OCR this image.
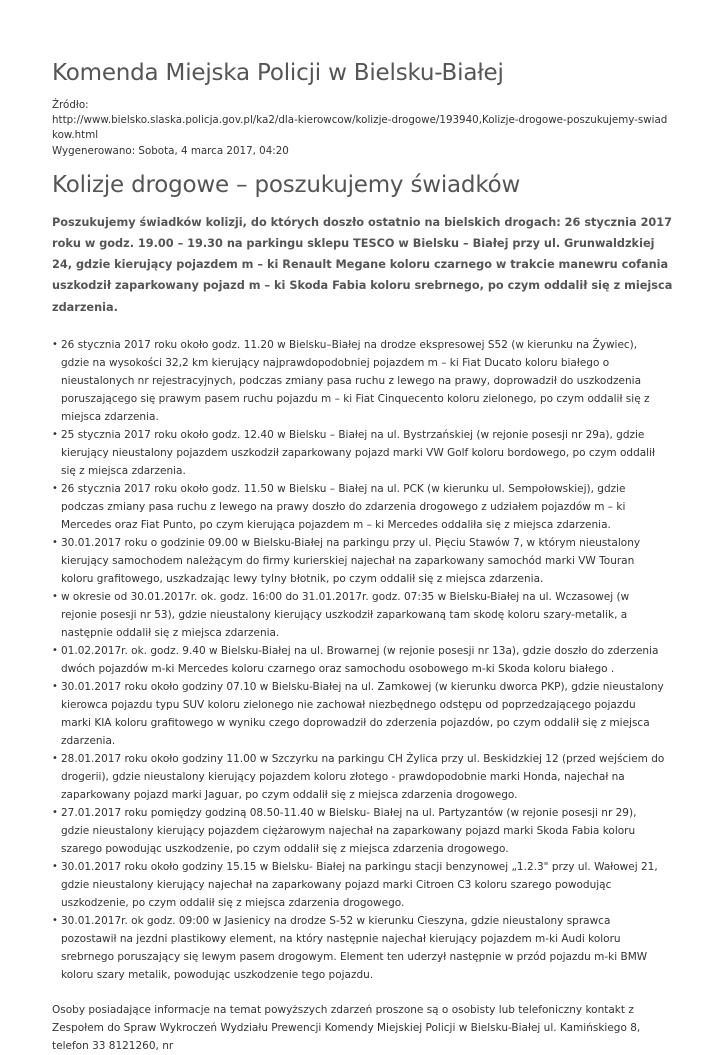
Komenda Miejska Policji w Bielsku-Białej
Źródło:
http://www.bielsko.slaska.policja.gov.pl/ka2/dla-kierowcow/kolizje-drogowe/193940,Kolizje-drogowe-poszukujemy-swiadkow.html
Wygenerowano: Sobota, 4 marca 2017, 04:20
Kolizje drogowe – poszukujemy świadków

Poszukujemy świadków kolizji, do których doszło ostatnio na bielskich drogach: 26 stycznia 2017 roku w godz. 19.00 – 19.30 na parkingu sklepu TESCO w Bielsku – Białej przy ul. Grunwaldzkiej 24, gdzie kierujący pojazdem m – ki Renault Megane koloru czarnego w trakcie manewru cofania uszkodził zaparkowany pojazd m – ki Skoda Fabia koloru srebrnego, po czym oddalił się z miejsca zdarzenia.

• 26 stycznia 2017 roku około godz. 11.20 w Bielsku–Białej na drodze ekspresowej S52 (w kierunku na Żywiec), gdzie na wysokości 32,2 km kierujący najprawdopodobniej pojazdem m – ki Fiat Ducato koloru białego o nieustalonych nr rejestracyjnych, podczas zmiany pasa ruchu z lewego na prawy, doprowadził do uszkodzenia poruszającego się prawym pasem ruchu pojazdu m – ki Fiat Cinquecento koloru zielonego, po czym oddalił się z miejsca zdarzenia.
• 25 stycznia 2017 roku około godz. 12.40 w Bielsku – Białej na ul. Bystrzańskiej (w rejonie posesji nr 29a), gdzie kierujący nieustalony pojazdem uszkodził zaparkowany pojazd marki VW Golf koloru bordowego, po czym oddalił się z miejsca zdarzenia.
• 26 stycznia 2017 roku około godz. 11.50 w Bielsku – Białej na ul. PCK (w kierunku ul. Sempołowskiej), gdzie podczas zmiany pasa ruchu z lewego na prawy doszło do zdarzenia drogowego z udziałem pojazdów m – ki Mercedes oraz Fiat Punto, po czym kierująca pojazdem m – ki Mercedes oddaliła się z miejsca zdarzenia.
• 30.01.2017 roku o godzinie 09.00 w Bielsku-Białej na parkingu przy ul. Pięciu Stawów 7, w którym nieustalony kierujący samochodem należącym do firmy kurierskiej najechał na zaparkowany samochód marki VW Touran koloru grafitowego, uszkadzając lewy tylny błotnik, po czym oddalił się z miejsca zdarzenia.
• w okresie od 30.01.2017r. ok. godz. 16:00 do 31.01.2017r. godz. 07:35 w Bielsku-Białej na ul. Wczasowej (w rejonie posesji nr 53), gdzie nieustalony kierujący uszkodził zaparkowaną tam skodę koloru szary-metalik, a następnie oddalił się z miejsca zdarzenia.
• 01.02.2017r. ok. godz. 9.40 w Bielsku-Białej na ul. Browarnej (w rejonie posesji nr 13a), gdzie doszło do zderzenia dwóch pojazdów m-ki Mercedes koloru czarnego oraz samochodu osobowego m-ki Skoda koloru białego .
• 30.01.2017 roku około godziny 07.10 w Bielsku-Białej na ul. Zamkowej (w kierunku dworca PKP), gdzie nieustalony kierowca pojazdu typu SUV koloru zielonego nie zachował niezbędnego odstępu od poprzedzającego pojazdu marki KIA koloru grafitowego w wyniku czego doprowadził do zderzenia pojazdów, po czym oddalił się z miejsca zdarzenia.
• 28.01.2017 roku około godziny 11.00 w Szczyrku na parkingu CH Żylica przy ul. Beskidzkiej 12 (przed wejściem do drogerii), gdzie nieustalony kierujący pojazdem koloru złotego - prawdopodobnie marki Honda, najechał na zaparkowany pojazd marki Jaguar, po czym oddalił się z miejsca zdarzenia drogowego.
• 27.01.2017 roku pomiędzy godziną 08.50-11.40 w Bielsku- Białej na ul. Partyzantów (w rejonie posesji nr 29), gdzie nieustalony kierujący pojazdem ciężarowym najechał na zaparkowany pojazd marki Skoda Fabia koloru szarego powodując uszkodzenie, po czym oddalił się z miejsca zdarzenia drogowego.
• 30.01.2017 roku około godziny 15.15 w Bielsku- Białej na parkingu stacji benzynowej „1.2.3" przy ul. Wałowej 21, gdzie nieustalony kierujący najechał na zaparkowany pojazd marki Citroen C3 koloru szarego powodując uszkodzenie, po czym oddalił się z miejsca zdarzenia drogowego.
• 30.01.2017r. ok godz. 09:00 w Jasienicy na drodze S-52 w kierunku Cieszyna, gdzie nieustalony sprawca pozostawił na jezdni plastikowy element, na który następnie najechał kierujący pojazdem m-ki Audi koloru srebrnego poruszający się lewym pasem drogowym. Element ten uderzył następnie w przód pojazdu m-ki BMW koloru szary metalik, powodując uszkodzenie tego pojazdu.

Osoby posiadające informacje na temat powyższych zdarzeń proszone są o osobisty lub telefoniczny kontakt z Zespołem do Spraw Wykroczeń Wydziału Prewencji Komendy Miejskiej Policji w Bielsku-Białej ul. Kamińskiego 8, telefon 33 8121260, nr
